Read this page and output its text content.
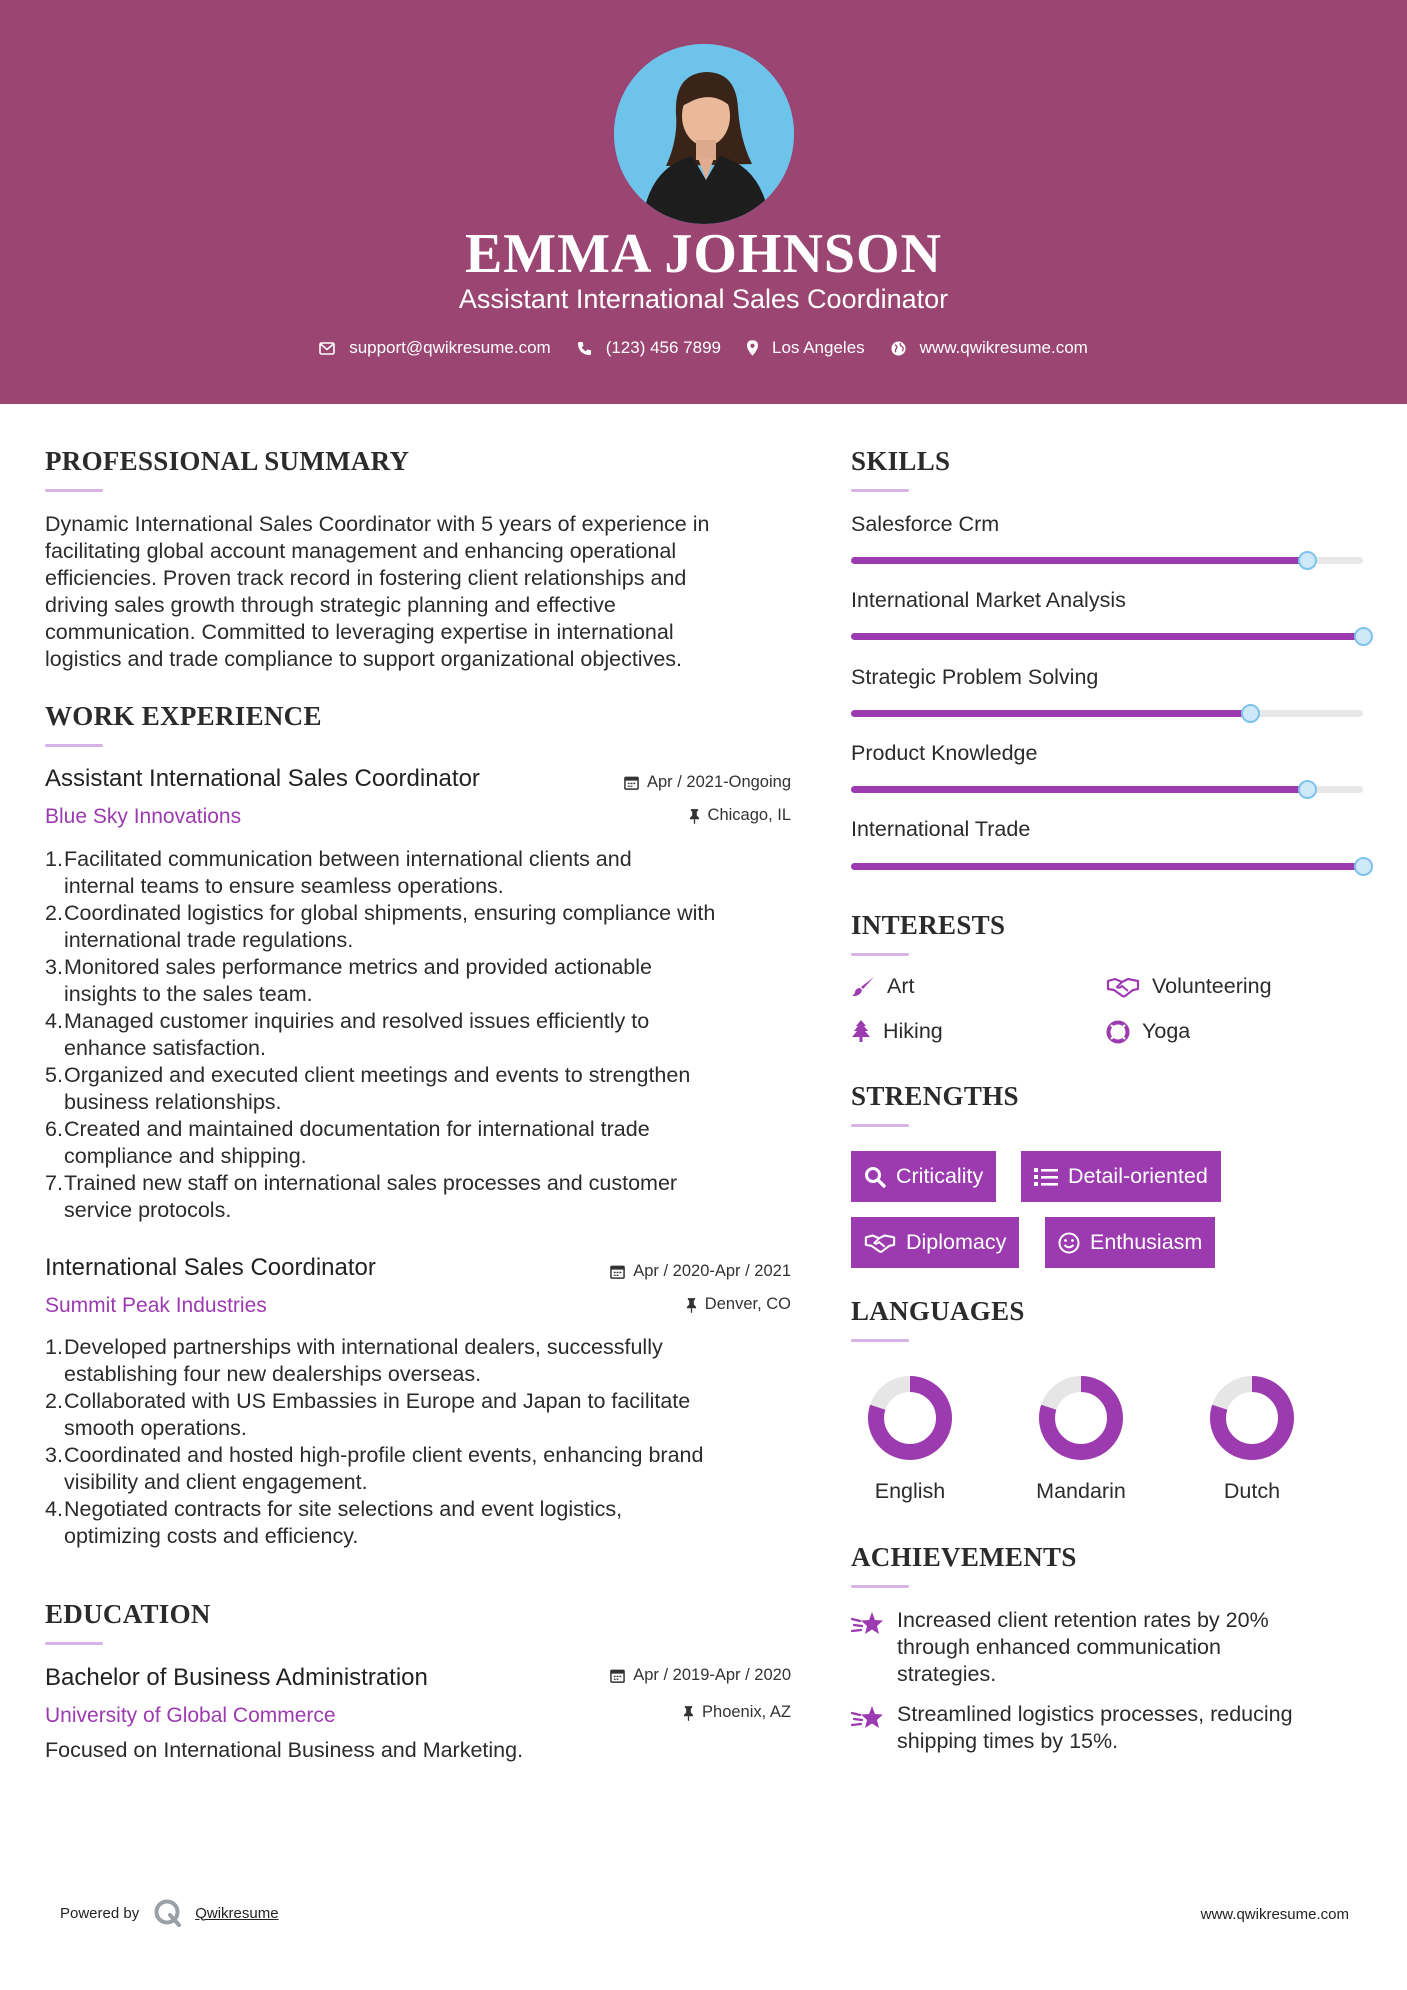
EMMA JOHNSON
Assistant International Sales Coordinator
support@qwikresume.com	(123) 456 7899	Los Angeles	www.qwikresume.com
PROFESSIONAL SUMMARY
Dynamic International Sales Coordinator with 5 years of experience in
facilitating global account management and enhancing operational
efficiencies. Proven track record in fostering client relationships and
driving sales growth through strategic planning and effective
communication. Committed to leveraging expertise in international
logistics and trade compliance to support organizational objectives.
WORK EXPERIENCE
Assistant International Sales Coordinator
Blue Sky Innovations
Apr / 2021-Ongoing
Chicago, IL
1. Facilitated communication between international clients and
internal teams to ensure seamless operations.
2. Coordinated logistics for global shipments, ensuring compliance with
international trade regulations.
3. Monitored sales performance metrics and provided actionable
insights to the sales team.
4. Managed customer inquiries and resolved issues efficiently to
enhance satisfaction.
5. Organized and executed client meetings and events to strengthen
business relationships.
6. Created and maintained documentation for international trade
compliance and shipping.
7. Trained new staff on international sales processes and customer
service protocols.
International Sales Coordinator
Summit Peak Industries
Apr / 2020-Apr / 2021
Denver, CO
1. Developed partnerships with international dealers, successfully
establishing four new dealerships overseas.
2. Collaborated with US Embassies in Europe and Japan to facilitate
smooth operations.
3. Coordinated and hosted high-profile client events, enhancing brand
visibility and client engagement.
4. Negotiated contracts for site selections and event logistics,
optimizing costs and efficiency.
EDUCATION
Bachelor of Business Administration
University of Global Commerce
Apr / 2019-Apr / 2020
Phoenix, AZ
Focused on International Business and Marketing.
SKILLS
Salesforce Crm
International Market Analysis
Strategic Problem Solving
Product Knowledge
International Trade
INTERESTS
Art	Volunteering
Hiking	Yoga
STRENGTHS
Criticality	Detail-oriented
Diplomacy	Enthusiasm
LANGUAGES
English	Mandarin	Dutch
ACHIEVEMENTS
Increased client retention rates by 20%
through enhanced communication
strategies.
Streamlined logistics processes, reducing
shipping times by 15%.
Powered by	Qwikresume	www.qwikresume.com
